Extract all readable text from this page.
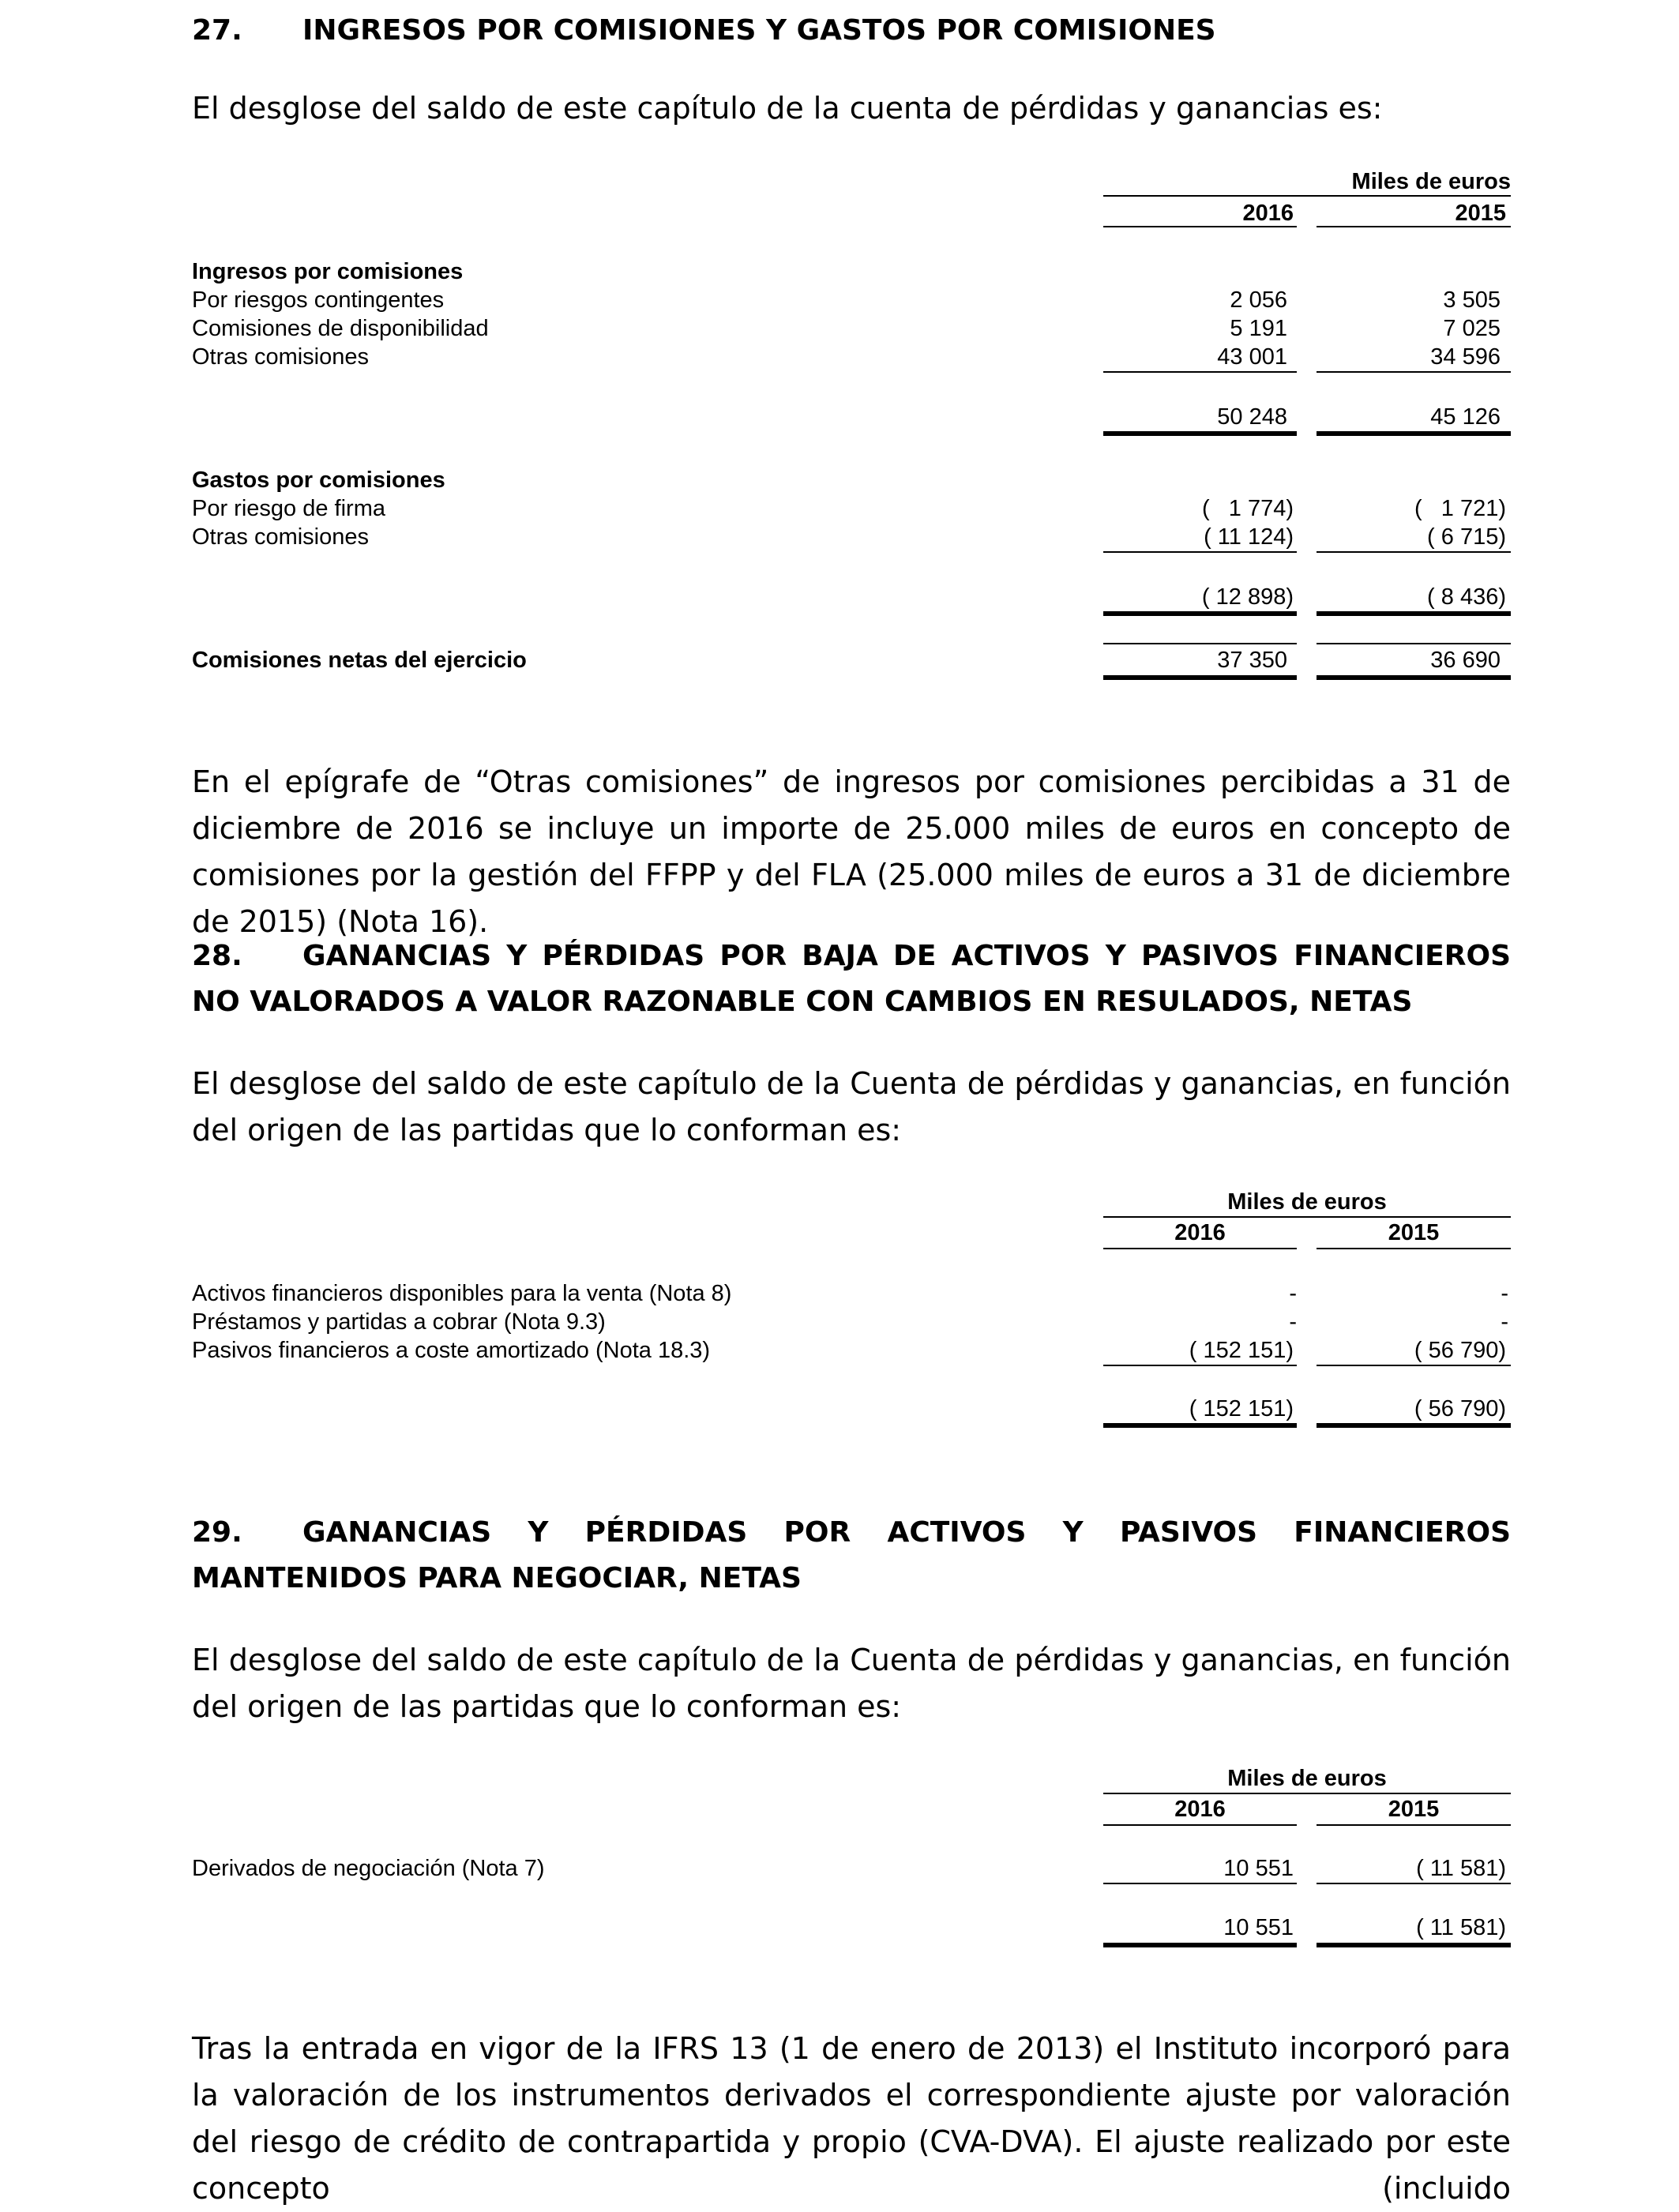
27. INGRESOS POR COMISIONES Y GASTOS POR COMISIONES
El desglose del saldo de este capítulo de la cuenta de pérdidas y ganancias es:
Miles de euros
2016	2015
Ingresos por comisiones
Por riesgos contingentes	2 056	3 505
Comisiones de disponibilidad	5 191	7 025
Otras comisiones	43 001	34 596
50 248	45 126
Gastos por comisiones
Por riesgo de firma	(   1 774)	(   1 721)
Otras comisiones	( 11 124)	( 6 715)
( 12 898)	( 8 436)
Comisiones netas del ejercicio	37 350	36 690
En el epígrafe de “Otras comisiones” de ingresos por comisiones percibidas a 31 de diciembre de 2016 se incluye un importe de 25.000 miles de euros en concepto de comisiones por la gestión del FFPP y del FLA (25.000 miles de euros a 31 de diciembre de 2015) (Nota 16).
28. GANANCIAS Y PÉRDIDAS POR BAJA DE ACTIVOS Y PASIVOS FINANCIEROS NO VALORADOS A VALOR RAZONABLE CON CAMBIOS EN RESULADOS, NETAS
El desglose del saldo de este capítulo de la Cuenta de pérdidas y ganancias, en función del origen de las partidas que lo conforman es:
Miles de euros
2016	2015
Activos financieros disponibles para la venta (Nota 8)	-	-
Préstamos y partidas a cobrar (Nota 9.3)	-	-
Pasivos financieros a coste amortizado (Nota 18.3)	( 152 151)	( 56 790)
( 152 151)	( 56 790)
29. GANANCIAS Y PÉRDIDAS POR ACTIVOS Y PASIVOS FINANCIEROS MANTENIDOS PARA NEGOCIAR, NETAS
El desglose del saldo de este capítulo de la Cuenta de pérdidas y ganancias, en función del origen de las partidas que lo conforman es:
Miles de euros
2016	2015
Derivados de negociación (Nota 7)	10 551	( 11 581)
10 551	( 11 581)
Tras la entrada en vigor de la IFRS 13 (1 de enero de 2013) el Instituto incorporó para la valoración de los instrumentos derivados el correspondiente ajuste por valoración del riesgo de crédito de contrapartida y propio (CVA-DVA). El ajuste realizado por este concepto (incluido
